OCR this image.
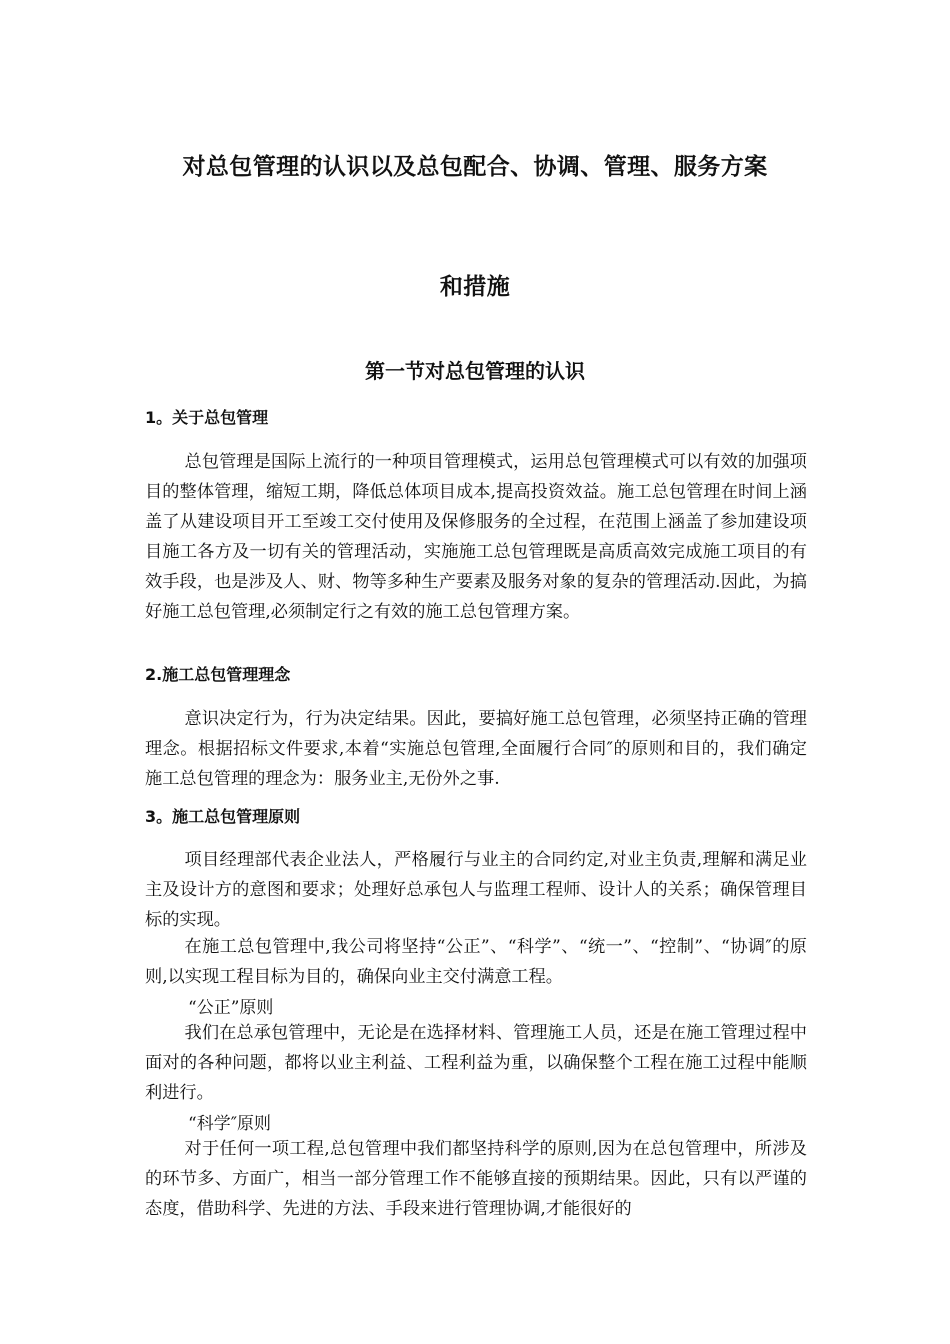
对总包管理的认识以及总包配合、协调、管理、服务方案
和措施
第一节对总包管理的认识
1。关于总包管理

总包管理是国际上流行的一种项目管理模式，运用总包管理模式可以有效的加强项目的整体管理，缩短工期，降低总体项目成本,提高投资效益。施工总包管理在时间上涵盖了从建设项目开工至竣工交付使用及保修服务的全过程，在范围上涵盖了参加建设项目施工各方及一切有关的管理活动，实施施工总包管理既是高质高效完成施工项目的有效手段，也是涉及人、财、物等多种生产要素及服务对象的复杂的管理活动.因此，为搞好施工总包管理,必须制定行之有效的施工总包管理方案。

2.施工总包管理理念

意识决定行为，行为决定结果。因此，要搞好施工总包管理，必须坚持正确的管理理念。根据招标文件要求,本着“实施总包管理,全面履行合同″的原则和目的，我们确定施工总包管理的理念为：服务业主,无份外之事.

3。施工总包管理原则

项目经理部代表企业法人，严格履行与业主的合同约定,对业主负责,理解和满足业主及设计方的意图和要求；处理好总承包人与监理工程师、设计人的关系；确保管理目标的实现。

在施工总包管理中,我公司将坚持“公正”、“科学”、“统一”、“控制”、“协调″的原则,以实现工程目标为目的，确保向业主交付满意工程。

“公正”原则

我们在总承包管理中，无论是在选择材料、管理施工人员，还是在施工管理过程中面对的各种问题，都将以业主利益、工程利益为重，以确保整个工程在施工过程中能顺利进行。

“科学″原则

对于任何一项工程,总包管理中我们都坚持科学的原则,因为在总包管理中，所涉及的环节多、方面广，相当一部分管理工作不能够直接的预期结果。因此，只有以严谨的态度，借助科学、先进的方法、手段来进行管理协调,才能很好的
